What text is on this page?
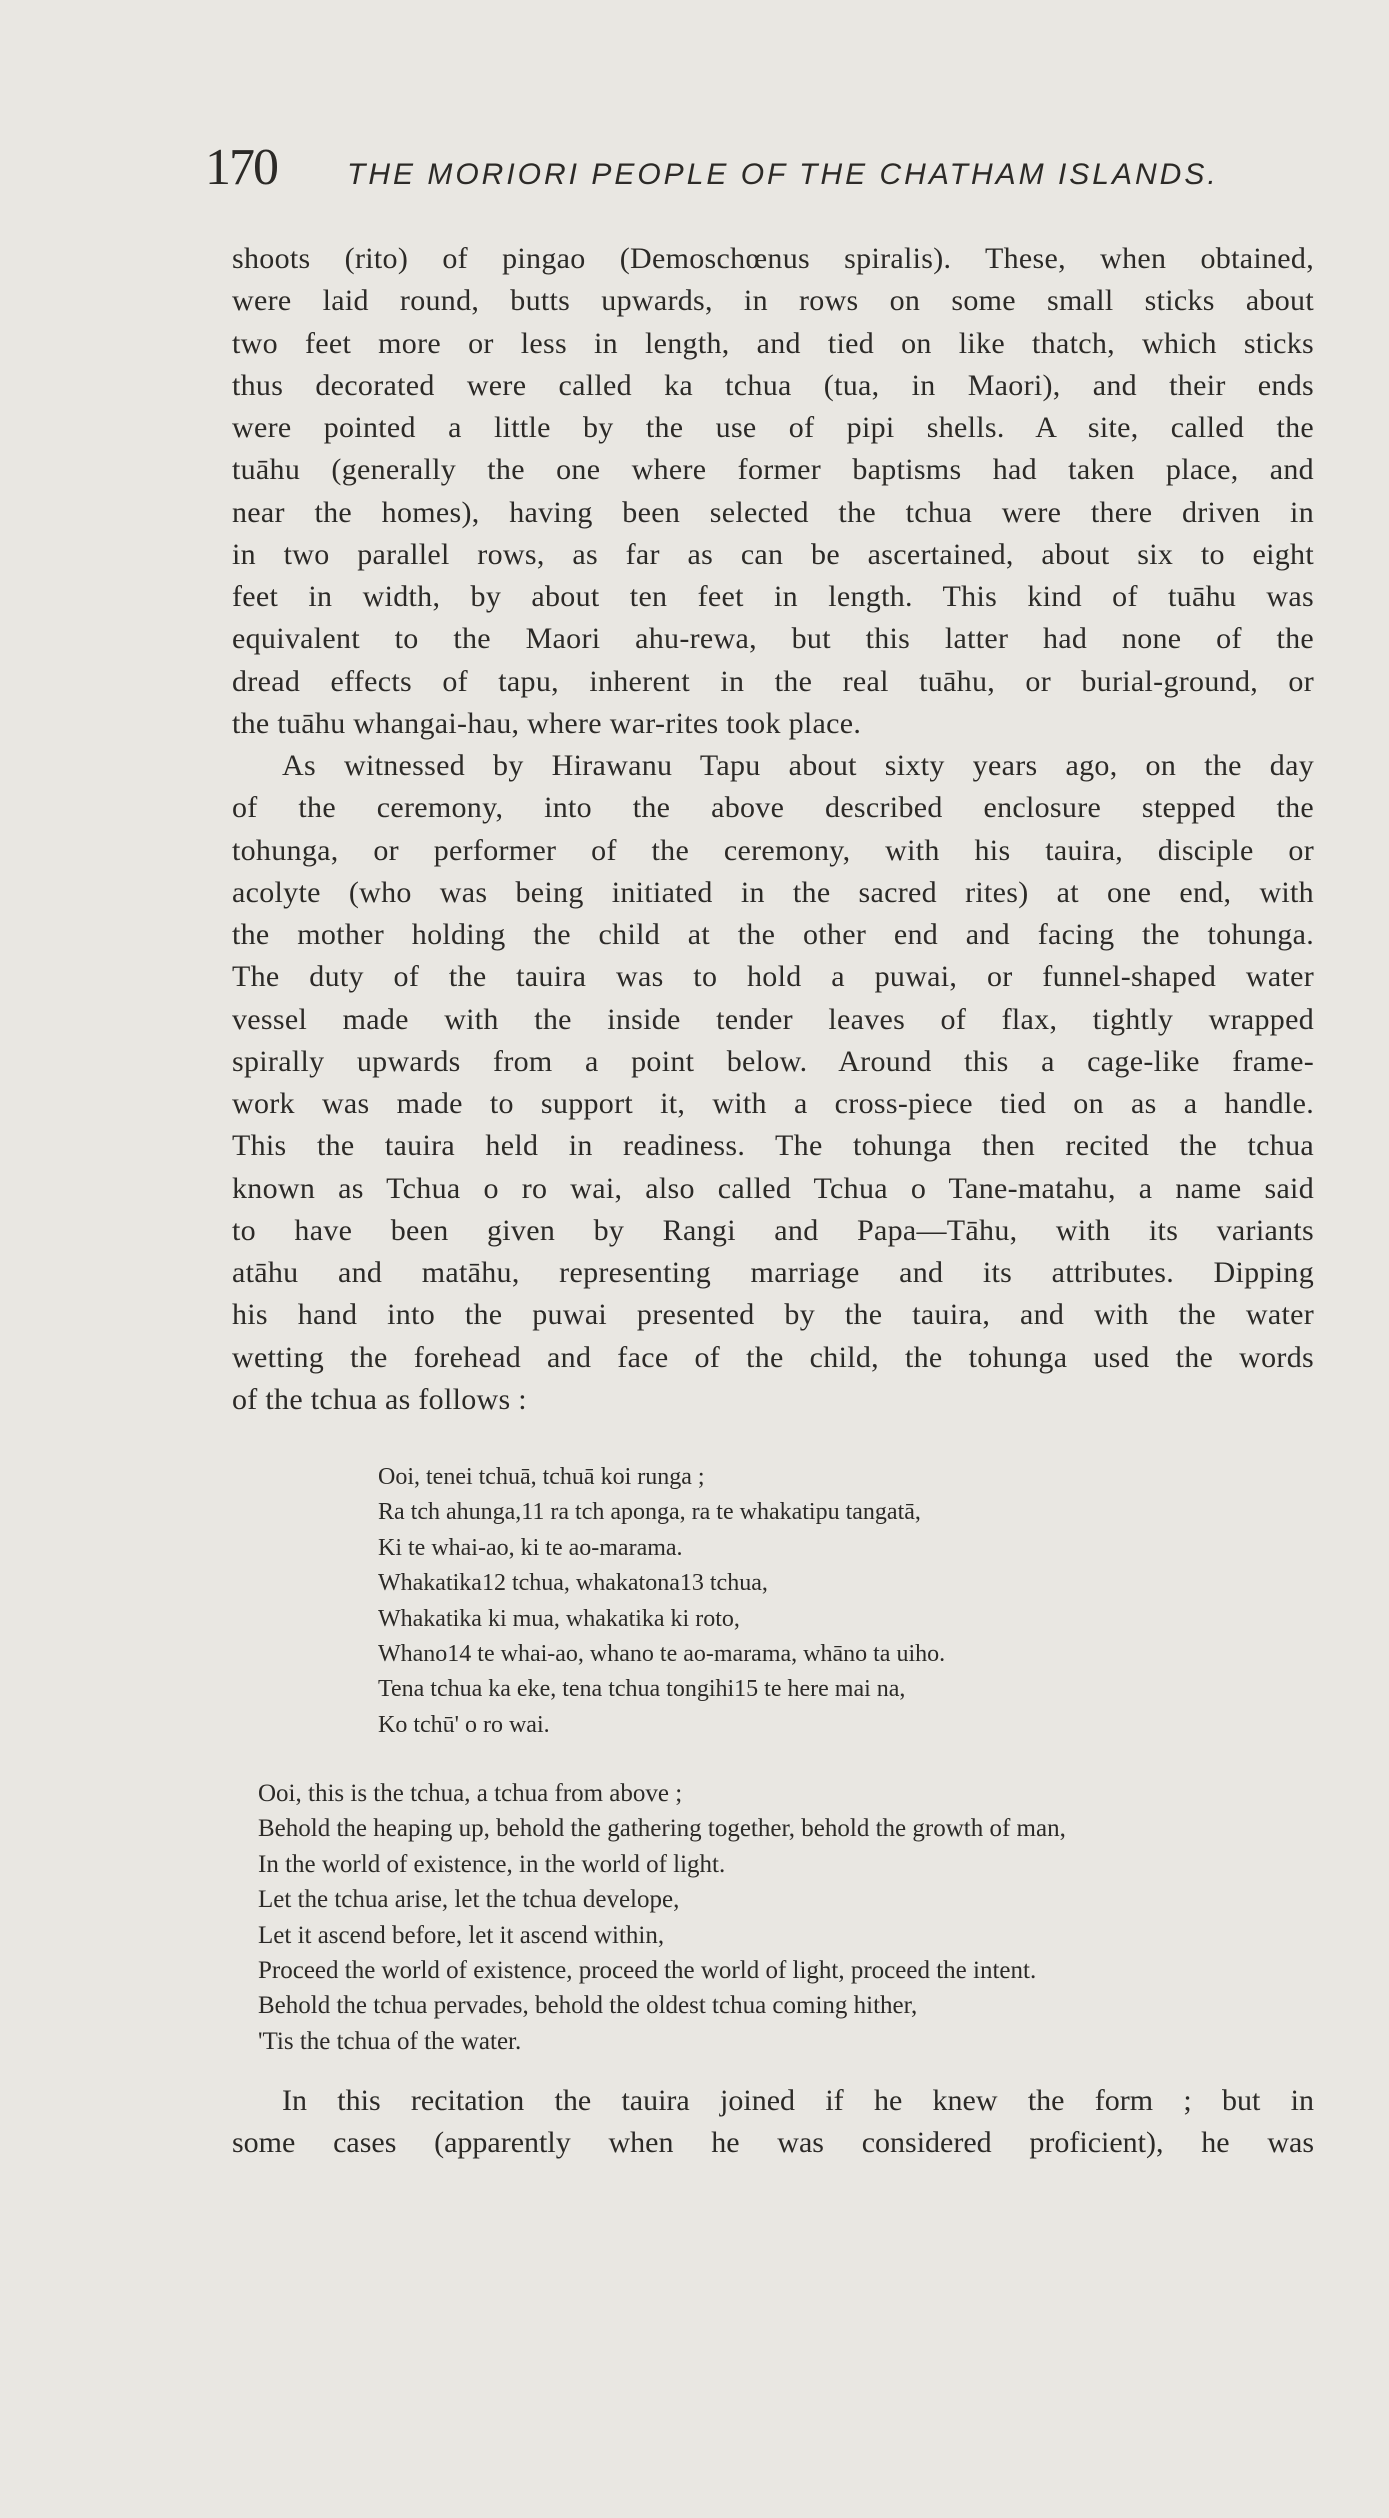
170 THE MORIORI PEOPLE OF THE CHATHAM ISLANDS.

shoots (rito) of pingao (Demoschœnus spiralis). These, when obtained,
were laid round, butts upwards, in rows on some small sticks about
two feet more or less in length, and tied on like thatch, which sticks
thus decorated were called ka tchua (tua, in Maori), and their ends
were pointed a little by the use of pipi shells. A site, called the
tuāhu (generally the one where former baptisms had taken place, and
near the homes), having been selected the tchua were there driven in
in two parallel rows, as far as can be ascertained, about six to eight
feet in width, by about ten feet in length. This kind of tuāhu was
equivalent to the Maori ahu-rewa, but this latter had none of the
dread effects of tapu, inherent in the real tuāhu, or burial-ground, or
the tuāhu whangai-hau, where war-rites took place.

As witnessed by Hirawanu Tapu about sixty years ago, on the day
of the ceremony, into the above described enclosure stepped the
tohunga, or performer of the ceremony, with his tauira, disciple or
acolyte (who was being initiated in the sacred rites) at one end, with
the mother holding the child at the other end and facing the tohunga.
The duty of the tauira was to hold a puwai, or funnel-shaped water
vessel made with the inside tender leaves of flax, tightly wrapped
spirally upwards from a point below. Around this a cage-like frame-
work was made to support it, with a cross-piece tied on as a handle.
This the tauira held in readiness. The tohunga then recited the tchua
known as Tchua o ro wai, also called Tchua o Tane-matahu, a name said
to have been given by Rangi and Papa—Tāhu, with its variants
atāhu and matāhu, representing marriage and its attributes. Dipping
his hand into the puwai presented by the tauira, and with the water
wetting the forehead and face of the child, the tohunga used the words
of the tchua as follows :

Ooi, tenei tchuā, tchuā koi runga ;
Ra tch ahunga,11 ra tch aponga, ra te whakatipu tangatā,
Ki te whai-ao, ki te ao-marama.
Whakatika12 tchua, whakatona13 tchua,
Whakatika ki mua, whakatika ki roto,
Whano14 te whai-ao, whano te ao-marama, whāno ta uiho.
Tena tchua ka eke, tena tchua tongihi15 te here mai na,
Ko tchū' o ro wai.
Ooi, this is the tchua, a tchua from above ;
Behold the heaping up, behold the gathering together, behold the growth of man,
In the world of existence, in the world of light.
Let the tchua arise, let the tchua develope,
Let it ascend before, let it ascend within,
Proceed the world of existence, proceed the world of light, proceed the intent.
Behold the tchua pervades, behold the oldest tchua coming hither,
'Tis the tchua of the water.
In this recitation the tauira joined if he knew the form ; but in
some cases (apparently when he was considered proficient), he was
